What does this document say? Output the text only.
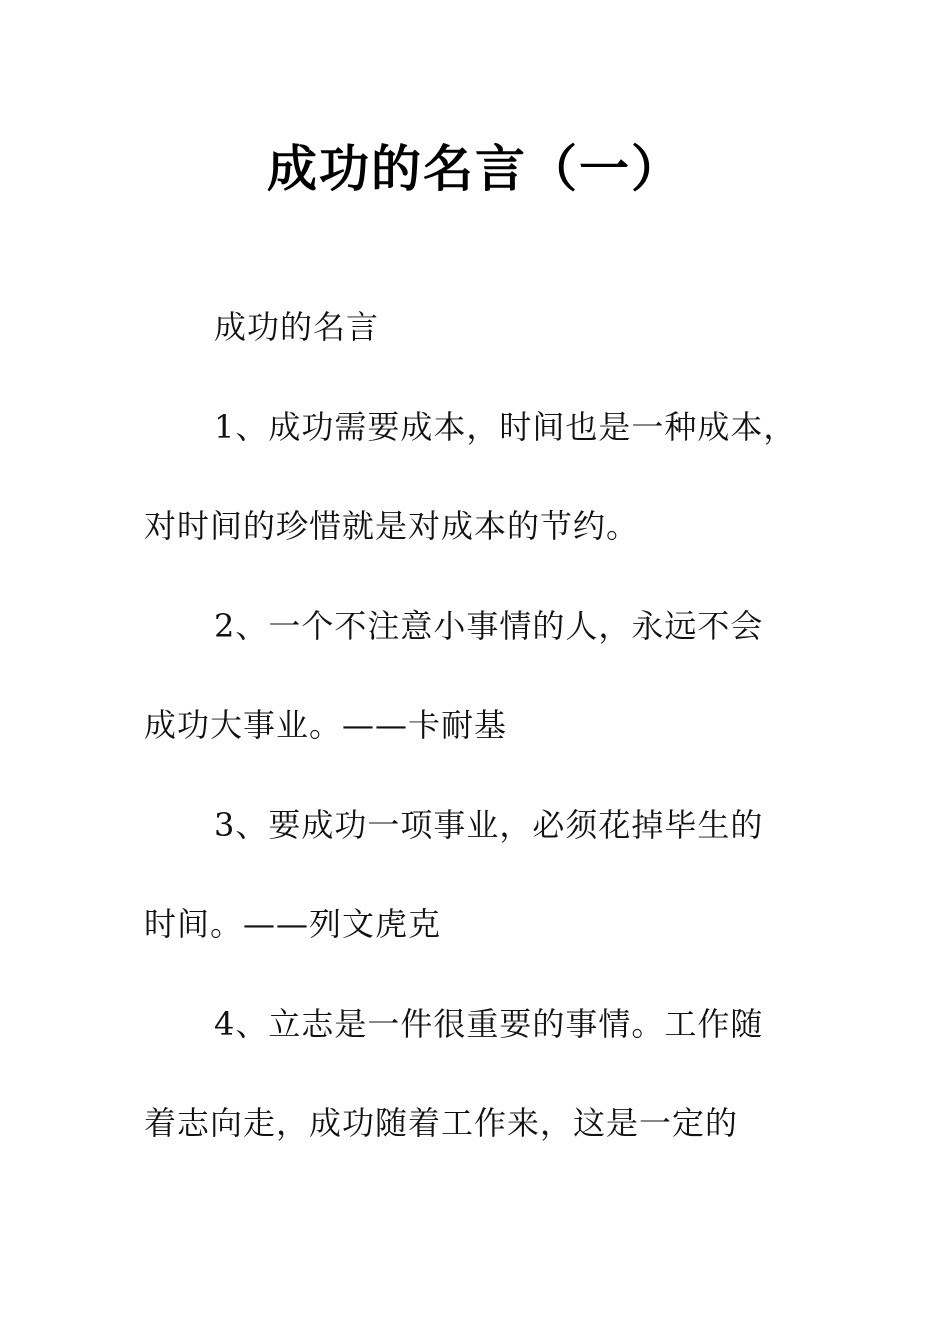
成功的名言（一）
成功的名言
1、成功需要成本，时间也是一种成本，
对时间的珍惜就是对成本的节约。
2、一个不注意小事情的人，永远不会
成功大事业。——卡耐基
3、要成功一项事业，必须花掉毕生的
时间。——列文虎克
4、立志是一件很重要的事情。工作随
着志向走，成功随着工作来，这是一定的
